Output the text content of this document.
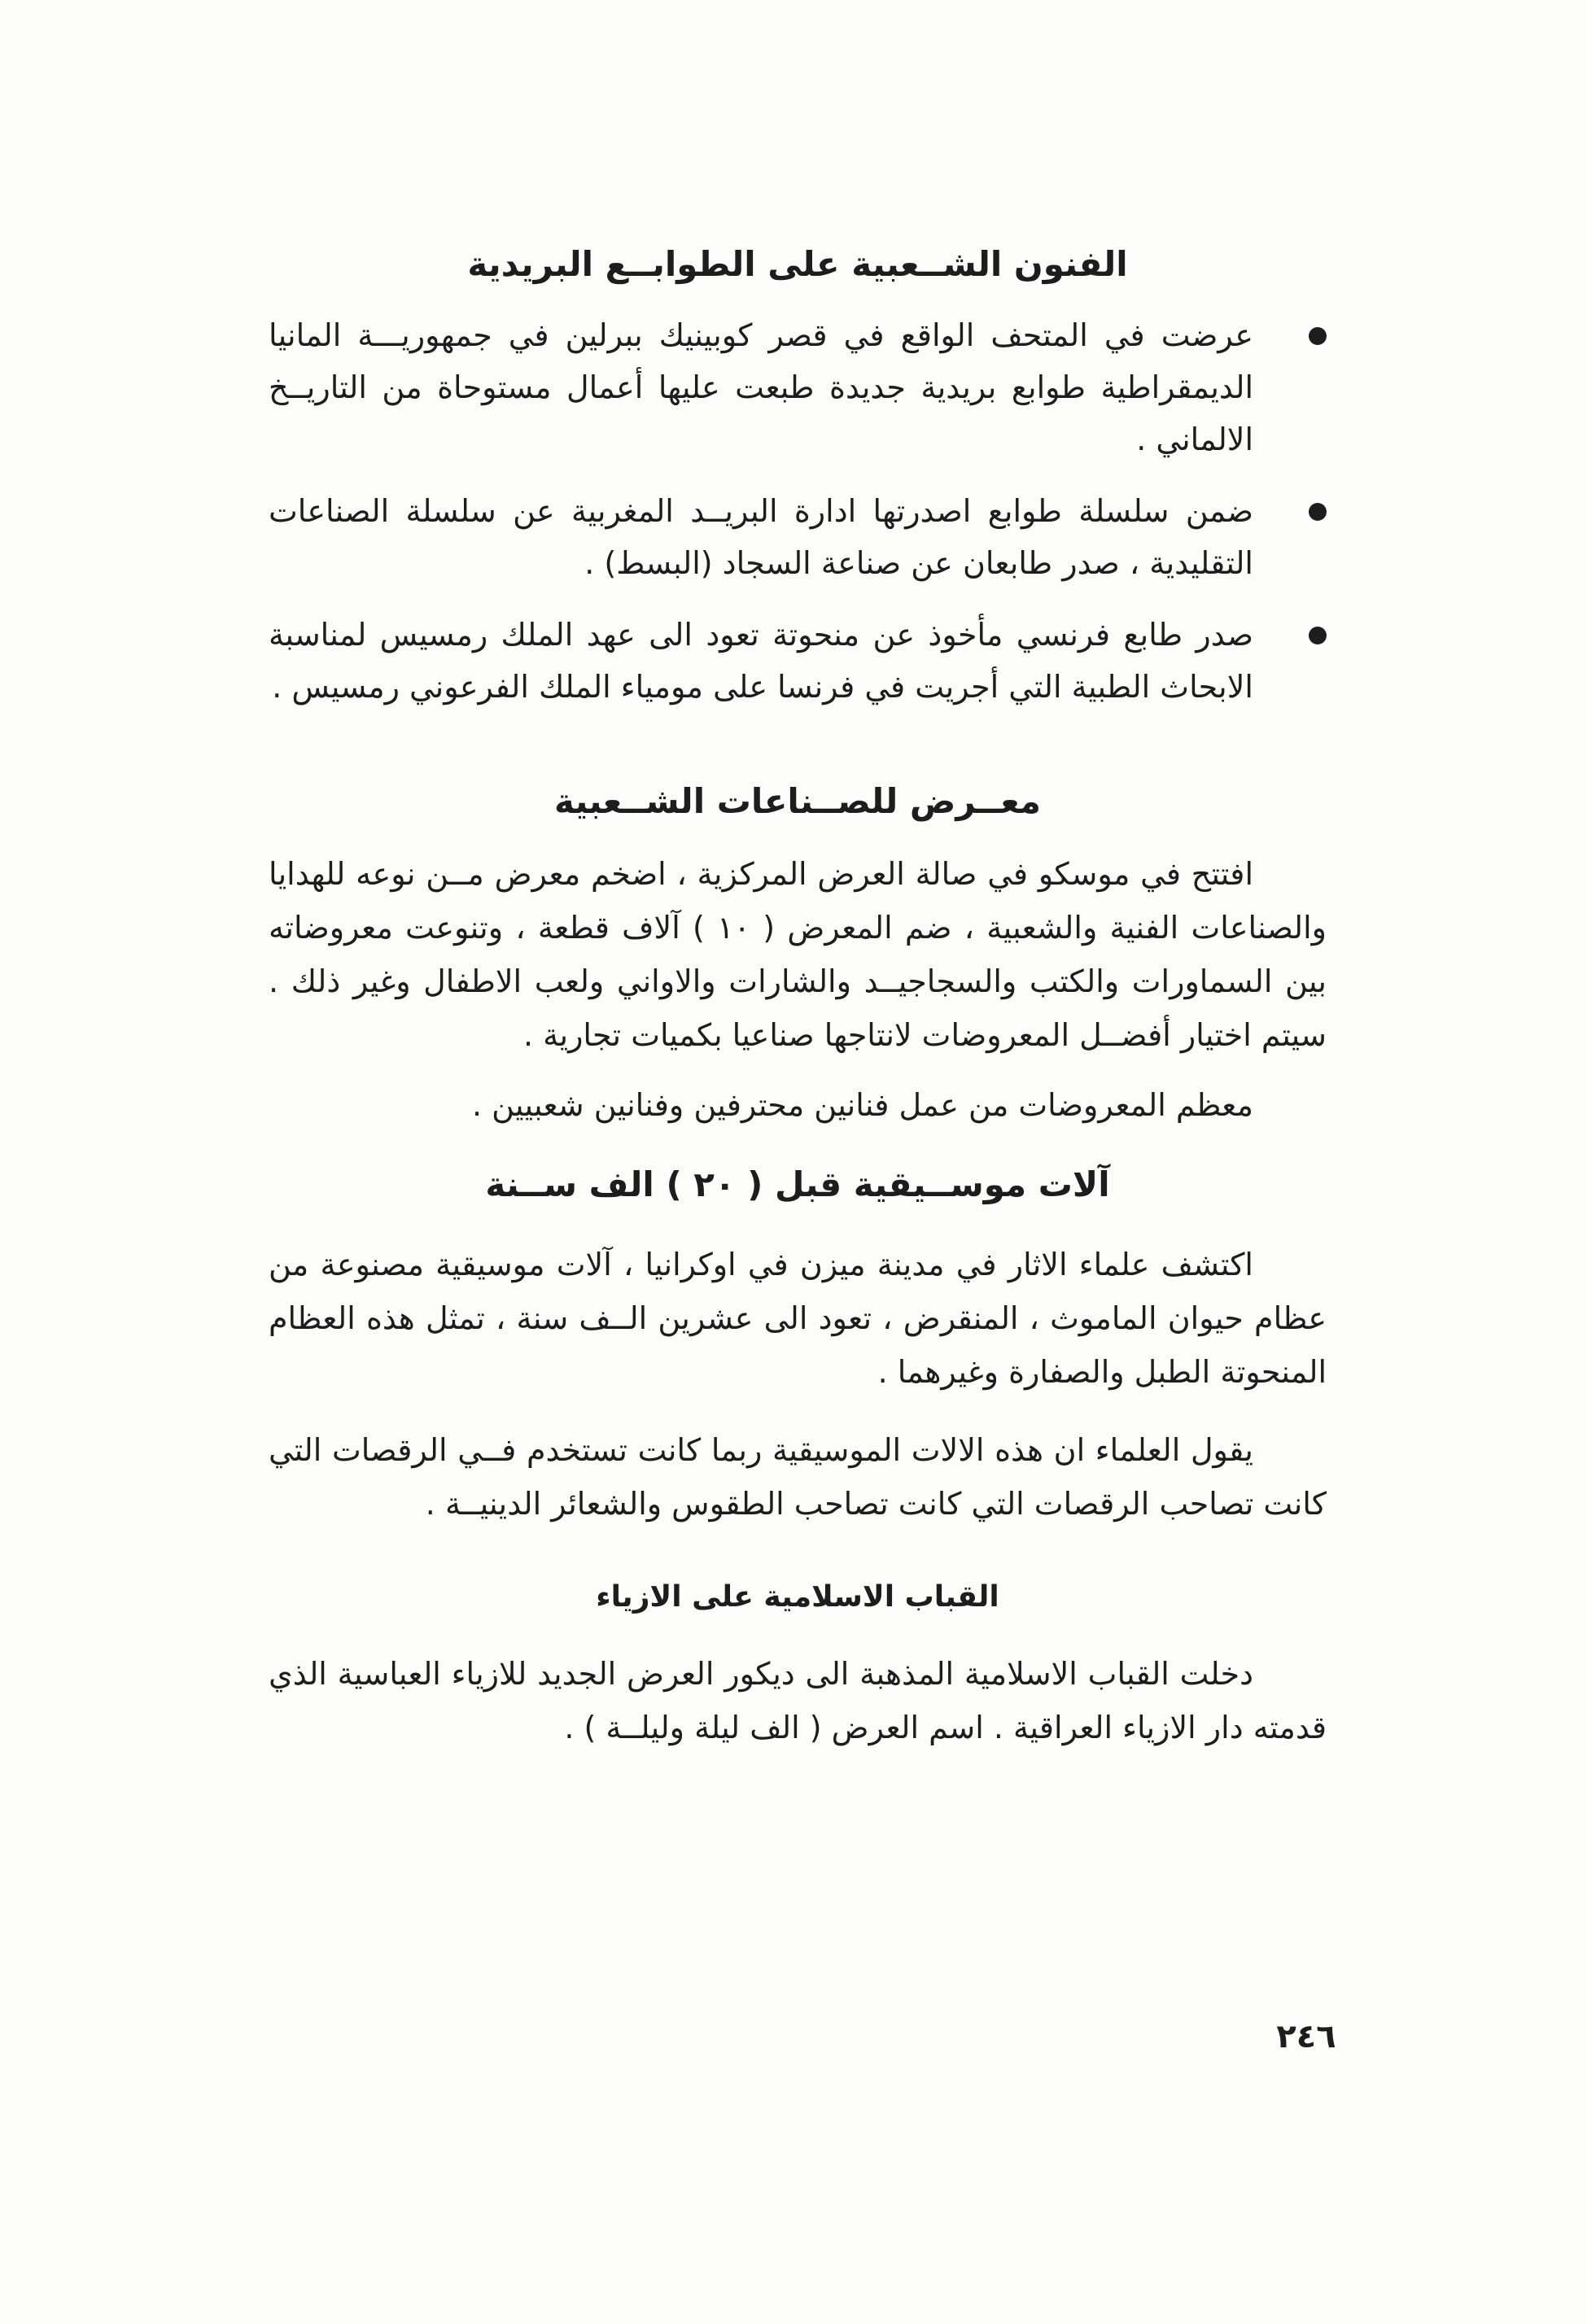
الفنون الشــعبية على الطوابــع البريدية
عرضت في المتحف الواقع في قصر كوبينيك ببرلين في جمهوريـــة المانيا الديمقراطية طوابع بريدية جديدة طبعت عليها أعمال مستوحاة من التاريــخ الالماني .
ضمن سلسلة طوابع اصدرتها ادارة البريــد المغربية عن سلسلة الصناعات التقليدية ، صدر طابعان عن صناعة السجاد (البسط) .
صدر طابع فرنسي مأخوذ عن منحوتة تعود الى عهد الملك رمسيس لمناسبة الابحاث الطبية التي أجريت في فرنسا على مومياء الملك الفرعوني رمسيس .
معــرض للصــناعات الشــعبية

افتتح في موسكو في صالة العرض المركزية ، اضخم معرض مــن نوعه للهدايا والصناعات الفنية والشعبية ، ضم المعرض ( ١٠ ) آلاف قطعة ، وتنوعت معروضاته بين السماورات والكتب والسجاجيــد والشارات والاواني ولعب الاطفال وغير ذلك . سيتم اختيار أفضــل المعروضات لانتاجها صناعيا بكميات تجارية .

معظم المعروضات من عمل فنانين محترفين وفنانين شعبيين .

آلات موســيقية قبل ( ٢٠ ) الف ســنة

اكتشف علماء الاثار في مدينة ميزن في اوكرانيا ، آلات موسيقية مصنوعة من عظام حيوان الماموث ، المنقرض ، تعود الى عشرين الــف سنة ، تمثل هذه العظام المنحوتة الطبل والصفارة وغيرهما .

يقول العلماء ان هذه الالات الموسيقية ربما كانت تستخدم فــي الرقصات التي كانت تصاحب الرقصات التي كانت تصاحب الطقوس والشعائر الدينيــة .

القباب الاسلامية على الازياء

دخلت القباب الاسلامية المذهبة الى ديكور العرض الجديد للازياء العباسية الذي قدمته دار الازياء العراقية . اسم العرض ( الف ليلة وليلــة ) .

٢٤٦
